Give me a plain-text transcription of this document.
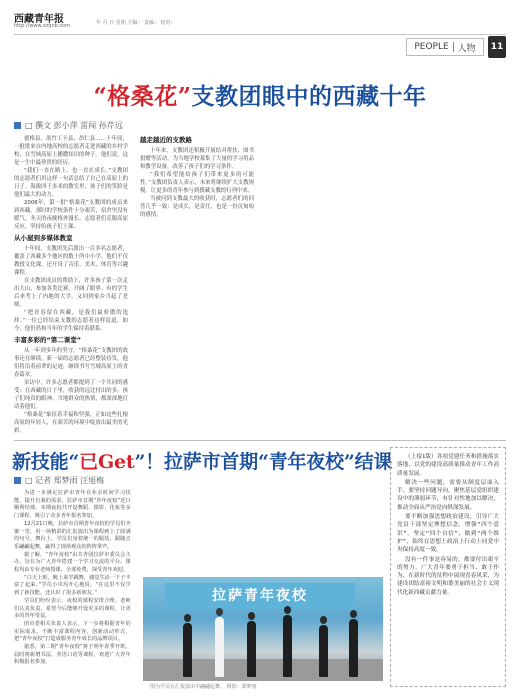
西藏青年报
http://www.xzqnb.com	年 月 日 星期 主编： 责编： 校对：
PEOPLE 人物	11
“格桑花”支教团眼中的西藏十年
□ 撰文 彭小萍 雷闯 孙芹远

德格县、墨竹工卡县、昂仁县……十年间，一批批来自内地高校的志愿者走进西藏的乡村学校，在雪域高原上播撒知识的种子。他们说，这是一生中最珍贵的经历。

“我们一直在路上，也一直在成长。”支教团的志愿者们用这样一句话总结了自己在高原上的日子。海拔四千多米的教室里，孩子们的笑脸是他们最大的动力。

2006年，第一批“格桑花”支教团的成员来到西藏。那时的学校条件十分艰苦，宿舍里没有暖气，冬天的夜晚格外漫长。志愿者们克服高原反应，坚持给孩子们上课。

从小屋到多媒体教室

十年间，支教团先后派出一百多名志愿者，覆盖了西藏多个地区的数十所中小学。他们不仅教授文化课，还开设了音乐、美术、体育等兴趣课程。

在支教团成员的帮助下，许多孩子第一次走出大山，参加各类比赛，开阔了眼界。有的学生后来考上了内地的大学，又回到家乡当起了老师。

“把青春留在西藏，是我们最骄傲的选择。”一位已经结束支教的志愿者这样说道。如今，他仍然和当年的学生保持着联系。

丰富多彩的“第二课堂”

从一年到多年的坚守，“格桑花”支教团的故事还在继续。新一届的志愿者已经整装待发，他们将沿着前辈的足迹，继续书写雪域高原上的青春篇章。

采访中，许多志愿者都提到了一个共同的感受：在西藏的日子里，收获的远比付出的多。孩子们纯真的眼神、当地群众的热情，都深深地打动着他们。

“格桑花”象征着幸福和坚强，正如这些扎根高原的年轻人，在艰苦的环境中绽放出最美的光彩。

越走越近的支教路

十年来，支教团还积极开展结对帮扶、图书捐赠等活动，为当地学校募集了大量的学习用品和教学设备，改善了孩子们的学习条件。

“我们希望能给孩子们带来更多的可能性。”支教团负责人表示，未来将继续扩大支教规模，让更多的青年参与到援藏支教的行列中来。

当被问到支教最大的收获时，志愿者们的回答几乎一致：是成长，是责任，也是一份沉甸甸的感情。

新技能“已Get”！拉萨市首期“青年夜校”结课
□ 记者 郑梦雨 汪旭梅

为进一步满足拉萨市青年在业余时间学习技能、提升自我的需求，拉萨市首期“青年夜校”近日顺利结课。本期夜校共开设舞蹈、摄影、化妆等多门课程，吸引了众多青年报名参加。

12月21日晚，拉萨市首期青年夜校的学员们齐聚一堂，用一场精彩的汇报演出为课程画上了圆满的句号。舞台上，学员们身着统一的服装，跟随音乐翩翩起舞，赢得了现场观众的阵阵掌声。

据了解，“青年夜校”由共青团拉萨市委员会主办，旨在为广大青年搭建一个学习交流的平台。课程均由专业老师授课，全部免费，深受青年欢迎。

“白天上班，晚上来学跳舞，感觉生活一下子丰富了起来。”学员小卓玛开心地说，“在这里不仅学到了新技能，还认识了很多新朋友。”

学员们纷纷表示，夜校的课程安排合理，老师们认真负责，希望今后能够开设更多的课程，让更多的青年受益。

团市委相关负责人表示，下一步将根据青年的实际需求，不断丰富课程内容，创新活动形式，把“青年夜校”打造成服务青年成长的品牌项目。

据悉，第二期“青年夜校”将于明年春季开班，届时将新增书法、英语口语等课程，欢迎广大青年积极报名参加。

拉萨青年夜校
图为学员在汇报演出中翩翩起舞。 摄影：郑梦雨

（上接1版）各项党建任务和措施落实落地，以党的建设高质量推动青年工作高质量发展。

解决一些问题，需要从制度层面入手。要坚持问题导向，聚焦基层党组织建设中的薄弱环节，有针对性地加以解决，推动全面从严治党向纵深发展。

要不断加强思想政治建设，引导广大党员干部坚定理想信念，增强“四个意识”，坚定“四个自信”，做到“两个维护”，始终在思想上政治上行动上同党中央保持高度一致。

没有一件事是容易的，都要付出艰辛的努力。广大青年要勇于担当、敢于作为，在新时代的征程中展现青春风采，为建设团结富裕文明和谐美丽的社会主义现代化新西藏贡献力量。
